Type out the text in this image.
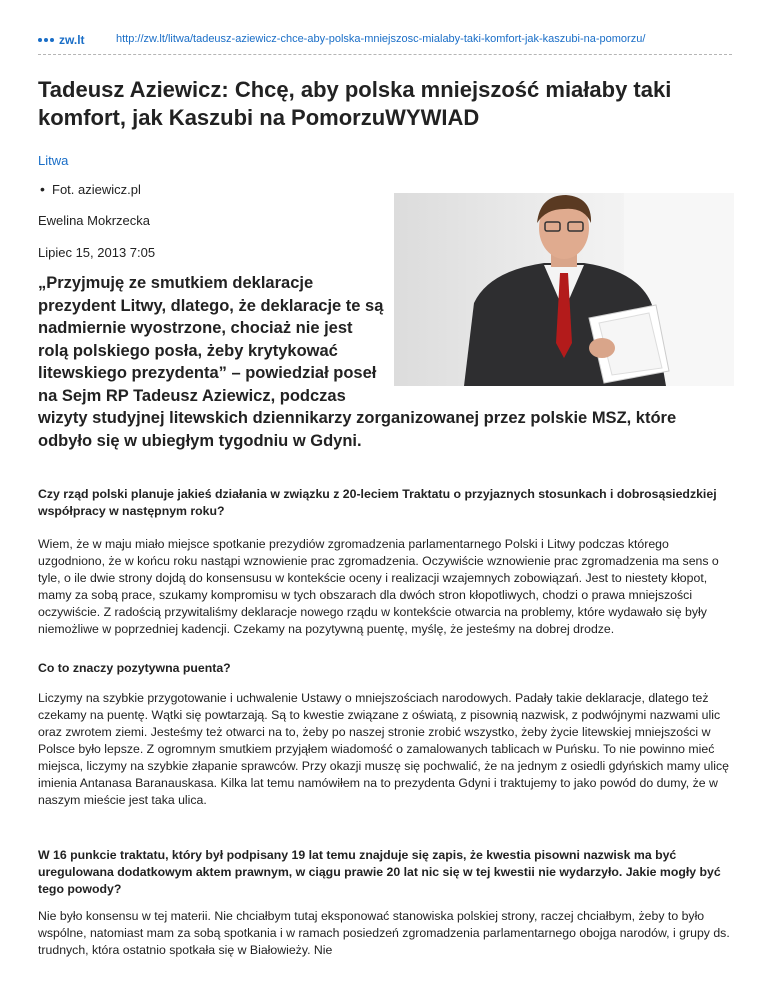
zw.lt	http://zw.lt/litwa/tadeusz-aziewicz-chce-aby-polska-mniejszosc-mialaby-taki-komfort-jak-kaszubi-na-pomorzu/
Tadeusz Aziewicz: Chcę, aby polska mniejszość miałaby taki komfort, jak Kaszubi na PomorzuWYWIAD
Litwa
• Fot. aziewicz.pl
Ewelina Mokrzecka
Lipiec 15, 2013 7:05
„Przyjmuję ze smutkiem deklaracje prezydent Litwy, dlatego, że deklaracje te są nadmiernie wyostrzone, chociaż nie jest rolą polskiego posła, żeby krytykować litewskiego prezydenta” – powiedział poseł na Sejm RP Tadeusz Aziewicz, podczas wizyty studyjnej litewskich dziennikarzy zorganizowanej przez polskie MSZ, które odbyło się w ubiegłym tygodniu w Gdyni.

Czy rząd polski planuje jakieś działania w związku z 20-leciem Traktatu o przyjaznych stosunkach i dobrosąsiedzkiej współpracy w następnym roku?

Wiem, że w maju miało miejsce spotkanie prezydiów zgromadzenia parlamentarnego Polski i Litwy podczas którego uzgodniono, że w końcu roku nastąpi wznowienie prac zgromadzenia. Oczywiście wznowienie prac zgromadzenia ma sens o tyle, o ile dwie strony dojdą do konsensusu w kontekście oceny i realizacji wzajemnych zobowiązań. Jest to niestety kłopot, mamy za sobą prace, szukamy kompromisu w tych obszarach dla dwóch stron kłopotliwych, chodzi o prawa mniejszości oczywiście. Z radością przywitaliśmy deklaracje nowego rządu w kontekście otwarcia na problemy, które wydawało się były niemożliwe w poprzedniej kadencji. Czekamy na pozytywną puentę, myślę, że jesteśmy na dobrej drodze.

Co to znaczy pozytywna puenta?

Liczymy na szybkie przygotowanie i uchwalenie Ustawy o mniejszościach narodowych. Padały takie deklaracje, dlatego też czekamy na puentę. Wątki się powtarzają. Są to kwestie związane z oświatą, z pisownią nazwisk, z podwójnymi nazwami ulic oraz zwrotem ziemi. Jesteśmy też otwarci na to, żeby po naszej stronie zrobić wszystko, żeby życie litewskiej mniejszości w Polsce było lepsze. Z ogromnym smutkiem przyjąłem wiadomość o zamalowanych tablicach w Puńsku. To nie powinno mieć miejsca, liczymy na szybkie złapanie sprawców. Przy okazji muszę się pochwalić, że na jednym z osiedli gdyńskich mamy ulicę imienia Antanasa Baranauskasa. Kilka lat temu namówiłem na to prezydenta Gdyni i traktujemy to jako powód do dumy, że w naszym mieście jest taka ulica.

W 16 punkcie traktatu, który był podpisany 19 lat temu znajduje się zapis, że kwestia pisowni nazwisk ma być uregulowana dodatkowym aktem prawnym, w ciągu prawie 20 lat nic się w tej kwestii nie wydarzyło. Jakie mogły być tego powody?

Nie było konsensu w tej materii. Nie chciałbym tutaj eksponować stanowiska polskiej strony, raczej chciałbym, żeby to było wspólne, natomiast mam za sobą spotkania i w ramach posiedzeń zgromadzenia parlamentarnego obojga narodów, i grupy ds. trudnych, która ostatnio spotkała się w Białowieży. Nie
